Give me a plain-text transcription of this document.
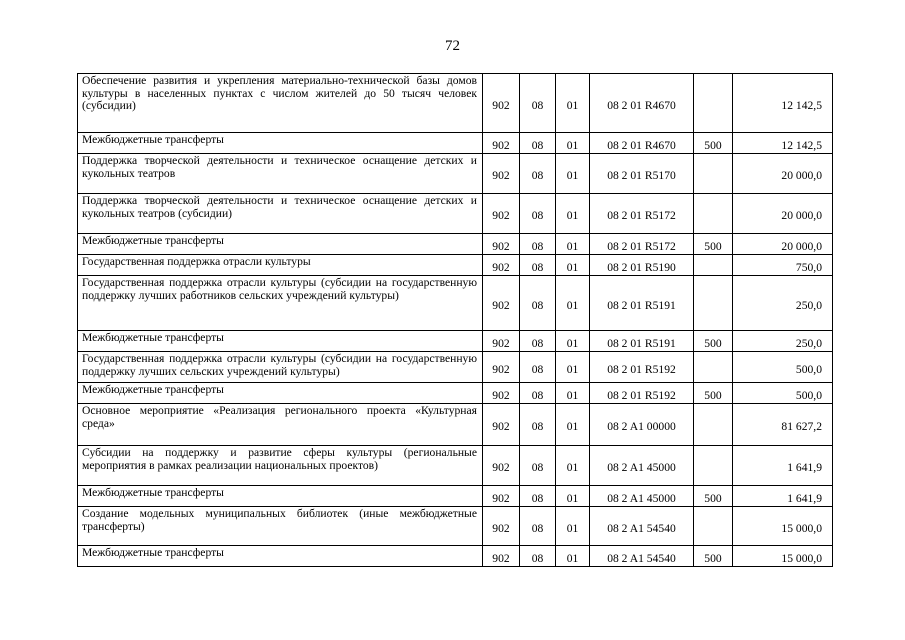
72
Обеспечение развития и укрепления материально-технической базы домов культуры в населенных пунктах с числом жителей до 50 тысяч человек (субсидии)	902	08	01	08 2 01 R4670		12 142,5

Межбюджетные трансферты	902	08	01	08 2 01 R4670	500	12 142,5

Поддержка творческой деятельности и техническое оснащение детских и кукольных театров	902	08	01	08 2 01 R5170		20 000,0

Поддержка творческой деятельности и техническое оснащение детских и кукольных театров (субсидии)	902	08	01	08 2 01 R5172		20 000,0

Межбюджетные трансферты	902	08	01	08 2 01 R5172	500	20 000,0

Государственная поддержка отрасли культуры	902	08	01	08 2 01 R5190		750,0

Государственная поддержка отрасли культуры (субсидии на государственную поддержку лучших работников сельских учреждений культуры)	902	08	01	08 2 01 R5191		250,0

Межбюджетные трансферты	902	08	01	08 2 01 R5191	500	250,0

Государственная поддержка отрасли культуры (субсидии на государственную поддержку лучших сельских учреждений культуры)	902	08	01	08 2 01 R5192		500,0

Межбюджетные трансферты	902	08	01	08 2 01 R5192	500	500,0

Основное мероприятие «Реализация регионального проекта «Культурная среда»	902	08	01	08 2 A1 00000		81 627,2

Субсидии на поддержку и развитие сферы культуры (региональные мероприятия в рамках реализации национальных проектов)	902	08	01	08 2 A1 45000		1 641,9

Межбюджетные трансферты	902	08	01	08 2 A1 45000	500	1 641,9

Создание модельных муниципальных библиотек (иные межбюджетные трансферты)	902	08	01	08 2 A1 54540		15 000,0

Межбюджетные трансферты	902	08	01	08 2 A1 54540	500	15 000,0
